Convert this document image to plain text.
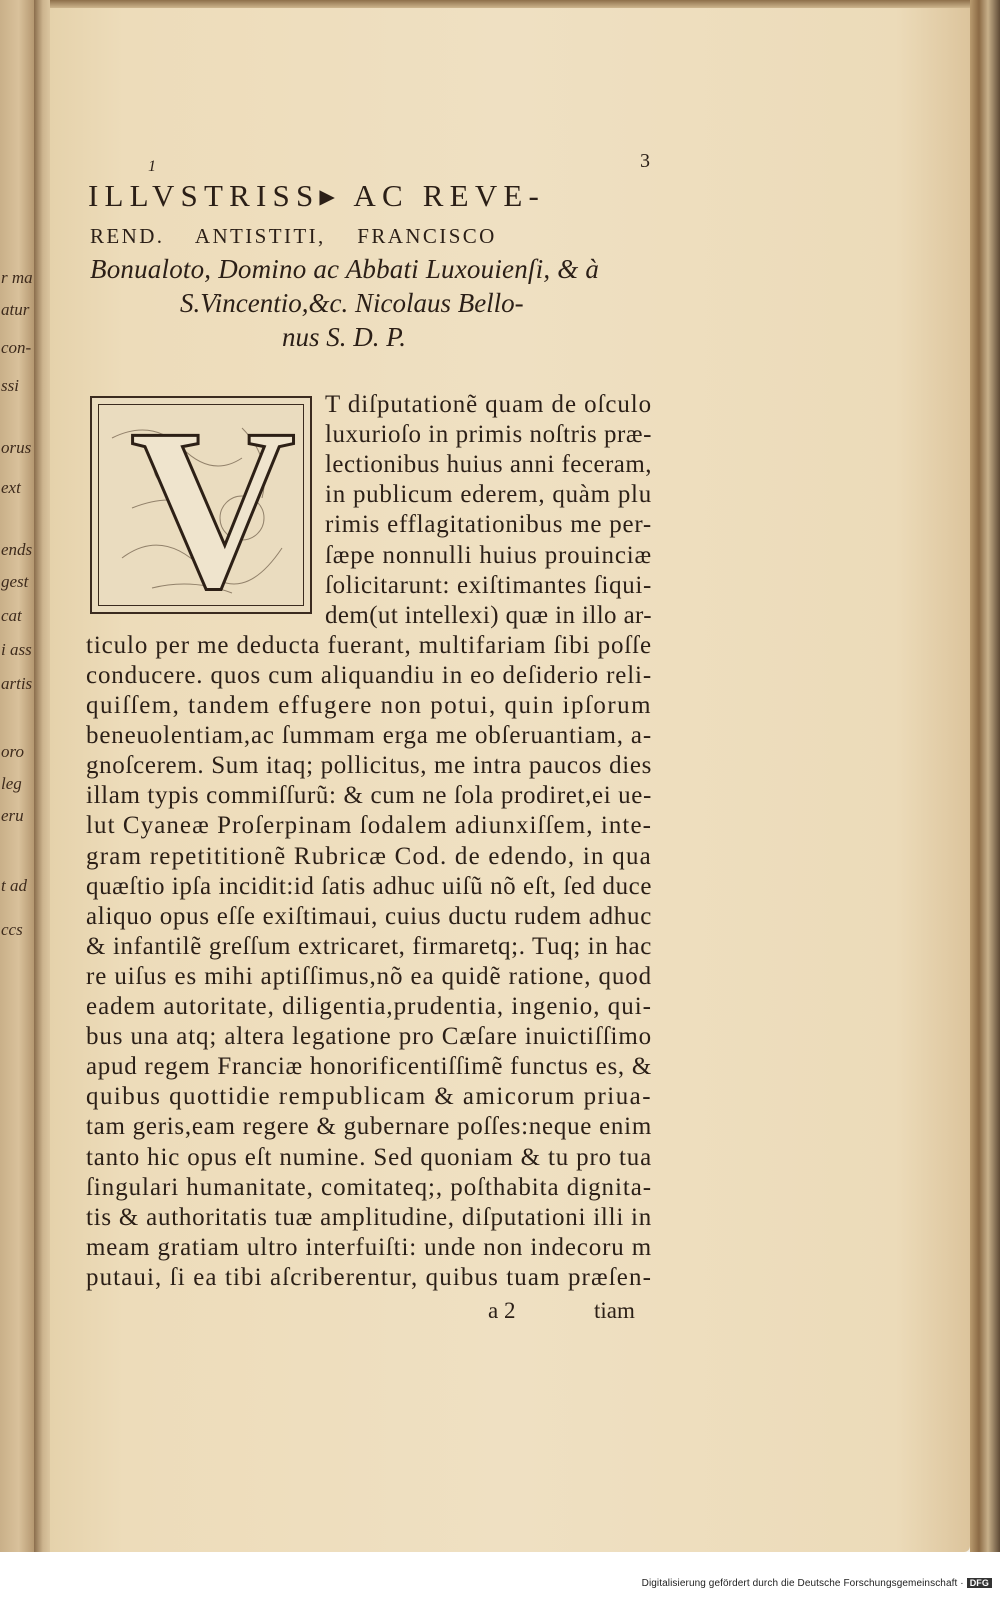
r ma
atur
con-
ssi
orus
ext
ends
gest
cat
i ass
artis
oro
leg
eru
t ad
ccs
1	3
ILLVSTRISS▸ AC REVE-
REND. ANTISTITI, FRANCISCO
Bonualoto, Domino ac Abbati Luxouienſi, & à
S.Vincentio,&c. Nicolaus Bello-
nus S. D. P.
V T diſputationẽ quam de oſculo
luxurioſo in primis noſtris præ-
lectionibus huius anni feceram,
in publicum ederem, quàm plu
rimis efflagitationibus me per-
ſæpe nonnulli huius prouinciæ
ſolicitarunt: exiſtimantes ſiqui-
dem(ut intellexi) quæ in illo ar-
ticulo per me deducta fuerant, multifariam ſibi poſſe
conducere. quos cum aliquandiu in eo deſiderio reli-
quiſſem, tandem effugere non potui, quin ipſorum
beneuolentiam,ac ſummam erga me obſeruantiam, a-
gnoſcerem. Sum itaq; pollicitus, me intra paucos dies
illam typis commiſſurũ: & cum ne ſola prodiret,ei ue-
lut Cyaneæ Proſerpinam ſodalem adiunxiſſem, inte-
gram repetititionẽ Rubricæ Cod. de edendo, in qua
quæſtio ipſa incidit:id ſatis adhuc uiſũ nõ eſt, ſed duce
aliquo opus eſſe exiſtimaui, cuius ductu rudem adhuc
& infantilẽ greſſum extricaret, firmaretq;. Tuq; in hac
re uiſus es mihi aptiſſimus,nõ ea quidẽ ratione, quod
eadem autoritate, diligentia,prudentia, ingenio, qui-
bus una atq; altera legatione pro Cæſare inuictiſſimo
apud regem Franciæ honorificentiſſimẽ functus es, &
quibus quottidie rempublicam & amicorum priua-
tam geris,eam regere & gubernare poſſes:neque enim
tanto hic opus eſt numine. Sed quoniam & tu pro tua
ſingulari humanitate, comitateq;, poſthabita dignita-
tis & authoritatis tuæ amplitudine, diſputationi illi in
meam gratiam ultro interfuiſti: unde non indecoru m
putaui, ſi ea tibi aſcriberentur, quibus tuam præſen-
a 2	tiam
Digitalisierung gefördert durch die Deutsche Forschungsgemeinschaft · DFG
